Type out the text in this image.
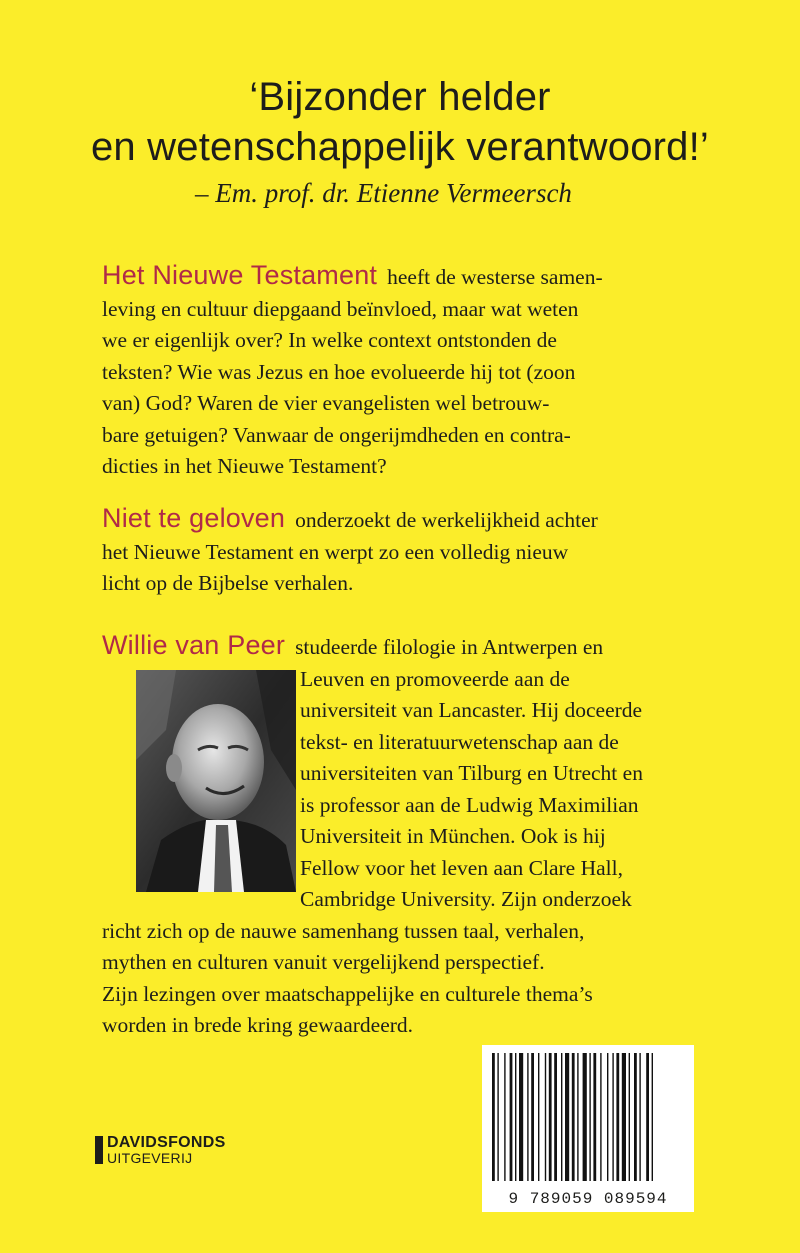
‘Bijzonder helder
en wetenschappelijk verantwoord!’
– Em. prof. dr. Etienne Vermeersch
Het Nieuwe Testament heeft de westerse samen-
leving en cultuur diepgaand beïnvloed, maar wat weten
we er eigenlijk over? In welke context ontstonden de
teksten? Wie was Jezus en hoe evolueerde hij tot (zoon
van) God? Waren de vier evangelisten wel betrouw-
bare getuigen? Vanwaar de ongerijmdheden en contra-
dicties in het Nieuwe Testament?
Niet te geloven onderzoekt de werkelijkheid achter
het Nieuwe Testament en werpt zo een volledig nieuw
licht op de Bijbelse verhalen.
Willie van Peer studeerde filologie in Antwerpen en
Leuven en promoveerde aan de
universiteit van Lancaster. Hij doceerde
tekst- en literatuurwetenschap aan de
universiteiten van Tilburg en Utrecht en
is professor aan de Ludwig Maximilian
Universiteit in München. Ook is hij
Fellow voor het leven aan Clare Hall,
Cambridge University. Zijn onderzoek
richt zich op de nauwe samenhang tussen taal, verhalen,
mythen en culturen vanuit vergelijkend perspectief.
Zijn lezingen over maatschappelijke en culturele thema’s
worden in brede kring gewaardeerd.
DAVIDSFONDS
UITGEVERIJ
9 789059 089594
